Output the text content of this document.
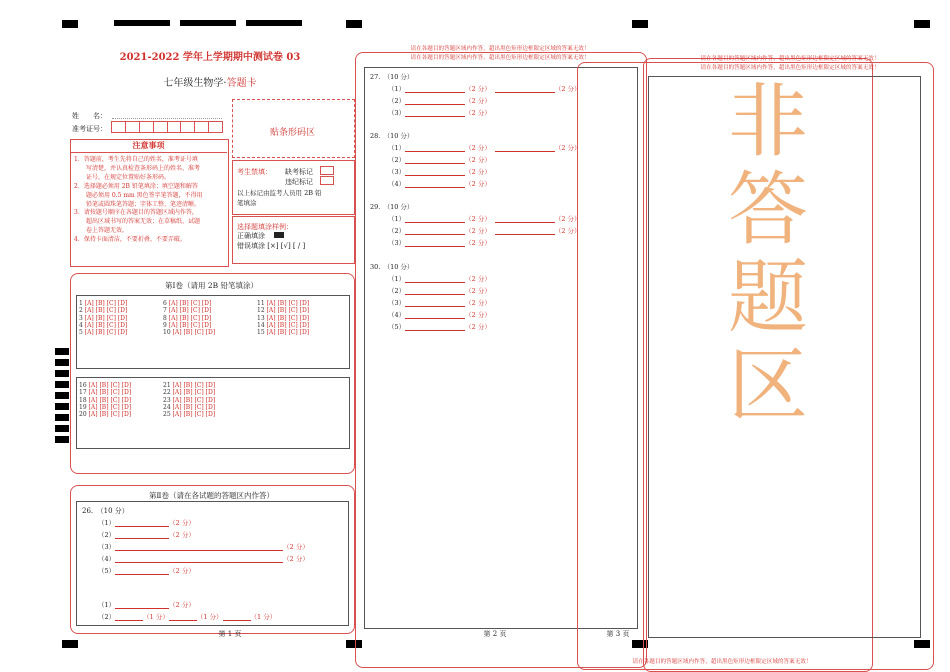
2021-2022 学年上学期期中测试卷 03
七年级生物学·答题卡
姓　　名：
准考证号：	贴条形码区
注意事项
1．答题前，考生先将自己的姓名，准考证号填
　　写清楚，并认真检查条形码上的姓名、准考
　　证号，在规定位置贴好条形码。
2．选择题必须用 2B 铅笔填涂；填空题和解答
　　题必须用 0.5 mm 黑色签字笔答题，不得用
　　铅笔或圆珠笔答题；字体工整、笔迹清晰。
3．请按题号顺序在各题目的答题区域内作答，
　　超出区域书写的答案无效；在草稿纸、试题
　　卷上答题无效。
4．保持卡面清洁，不要折叠、不要弄破。
考生禁填： 缺考标记
违纪标记
以上标记由监考人员用 2B 铅
笔填涂
选择题填涂样例：
正确填涂
错误填涂 [×] [√] [ / ]
第Ⅰ卷（请用 2B 铅笔填涂）
1 [A] [B] [C] [D]
2 [A] [B] [C] [D]
3 [A] [B] [C] [D]
4 [A] [B] [C] [D]
5 [A] [B] [C] [D]
6 [A] [B] [C] [D]
7 [A] [B] [C] [D]
8 [A] [B] [C] [D]
9 [A] [B] [C] [D]
10 [A] [B] [C] [D]
11 [A] [B] [C] [D]
12 [A] [B] [C] [D]
13 [A] [B] [C] [D]
14 [A] [B] [C] [D]
15 [A] [B] [C] [D]
16 [A] [B] [C] [D]
17 [A] [B] [C] [D]
18 [A] [B] [C] [D]
19 [A] [B] [C] [D]
20 [A] [B] [C] [D]
21 [A] [B] [C] [D]
22 [A] [B] [C] [D]
23 [A] [B] [C] [D]
24 [A] [B] [C] [D]
25 [A] [B] [C] [D]
第Ⅱ卷（请在各试题的答题区内作答）
26.　（10 分）
（1）	（2 分）
（2）	（2 分）
（3）	（2 分）
（4）	（2 分）
（5）	（2 分）
（1）	（2 分）
（2）	（1 分）	（1 分）	（1 分）
第 1 页
请在各题目的答题区域内作答，超出黑色矩形边框限定区域的答案无效！
请在各题目的答题区域内作答，超出黑色矩形边框限定区域的答案无效！
27.　（10 分）
（1）	（2 分）	（2 分）
（2）	（2 分）
（3）	（2 分）
28.　（10 分）
（1）	（2 分）	（2 分）
（2）	（2 分）
（3）	（2 分）
（4）	（2 分）
29.　（10 分）
（1）	（2 分）	（2 分）
（2）	（2 分）	（2 分）
（3）	（2 分）
30.　（10 分）
（1）	（2 分）
（2）	（2 分）
（3）	（2 分）
（4）	（2 分）
（5）	（2 分）
第 2 页
请在各题目的答题区域内作答，超出黑色矩形边框限定区域的答案无效！
请在各题目的答题区域内作答，超出黑色矩形边框限定区域的答案无效！
非
答
题
区
第 3 页
请在各题目的答题区域内作答，超出黑色矩形边框限定区域的答案无效！
